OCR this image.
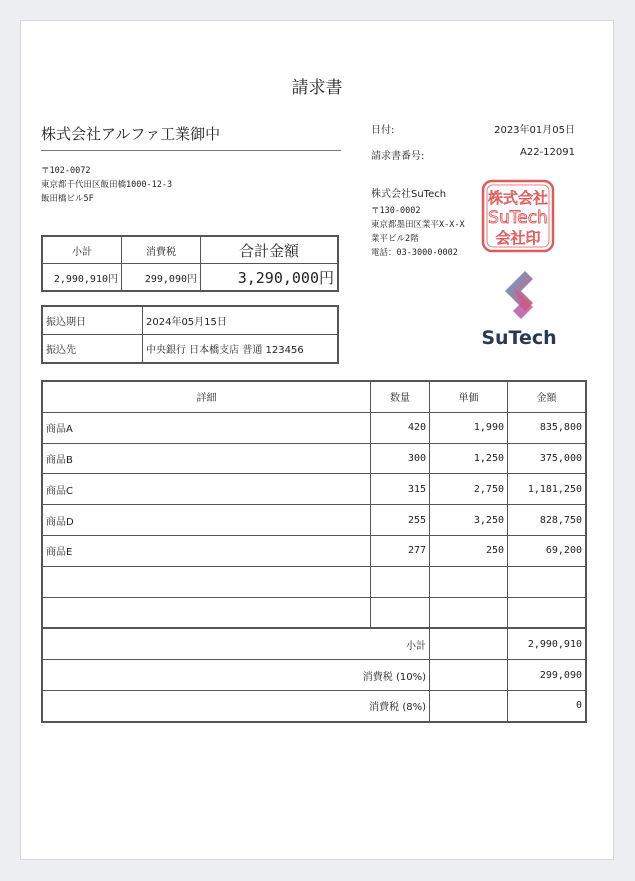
請求書
株式会社アルファ工業御中
〒102-0072
東京都千代田区飯田橋1000-12-3
飯田橋ビル5F
日付:	2023年01月05日
請求書番号:	A22-12091
株式会社SuTech
〒130-0002
東京都墨田区業平X-X-X
業平ビル2階
電話：03-3000-0002
株式会社
SuTech
会社印
SuTech
小計	消費税	合計金額
2,990,910円	299,090円	3,290,000円
振込期日	2024年05月15日
振込先	中央銀行 日本橋支店 普通 123456
詳細	数量	単価	金額
商品A	420	1,990	835,800
商品B	300	1,250	375,000
商品C	315	2,750	1,181,250
商品D	255	3,250	828,750
商品E	277	250	69,200

小計			2,990,910
消費税 (10%)			299,090
消費税 (8%)			0
